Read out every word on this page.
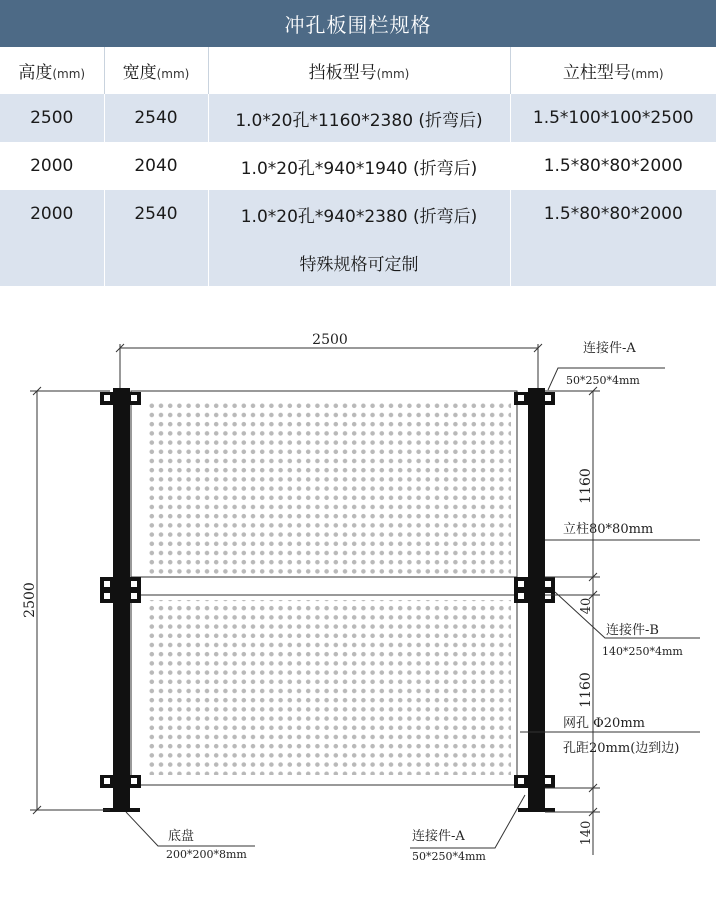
冲孔板围栏规格
高度(mm)	宽度(mm)	挡板型号(mm)	立柱型号(mm)
2500	2540	1.0*20孔*1160*2380 (折弯后)	1.5*100*100*2500
2000	2040	1.0*20孔*940*1940 (折弯后)	1.5*80*80*2000
2000	2540	1.0*20孔*940*2380 (折弯后)	1.5*80*80*2000
		特殊规格可定制	
2500
2500
1160
40
1160
140
连接件-A
50*250*4mm
立柱80*80mm
连接件-B
140*250*4mm
网孔 Φ20mm
孔距20mm(边到边)
底盘
200*200*8mm
连接件-A
50*250*4mm
